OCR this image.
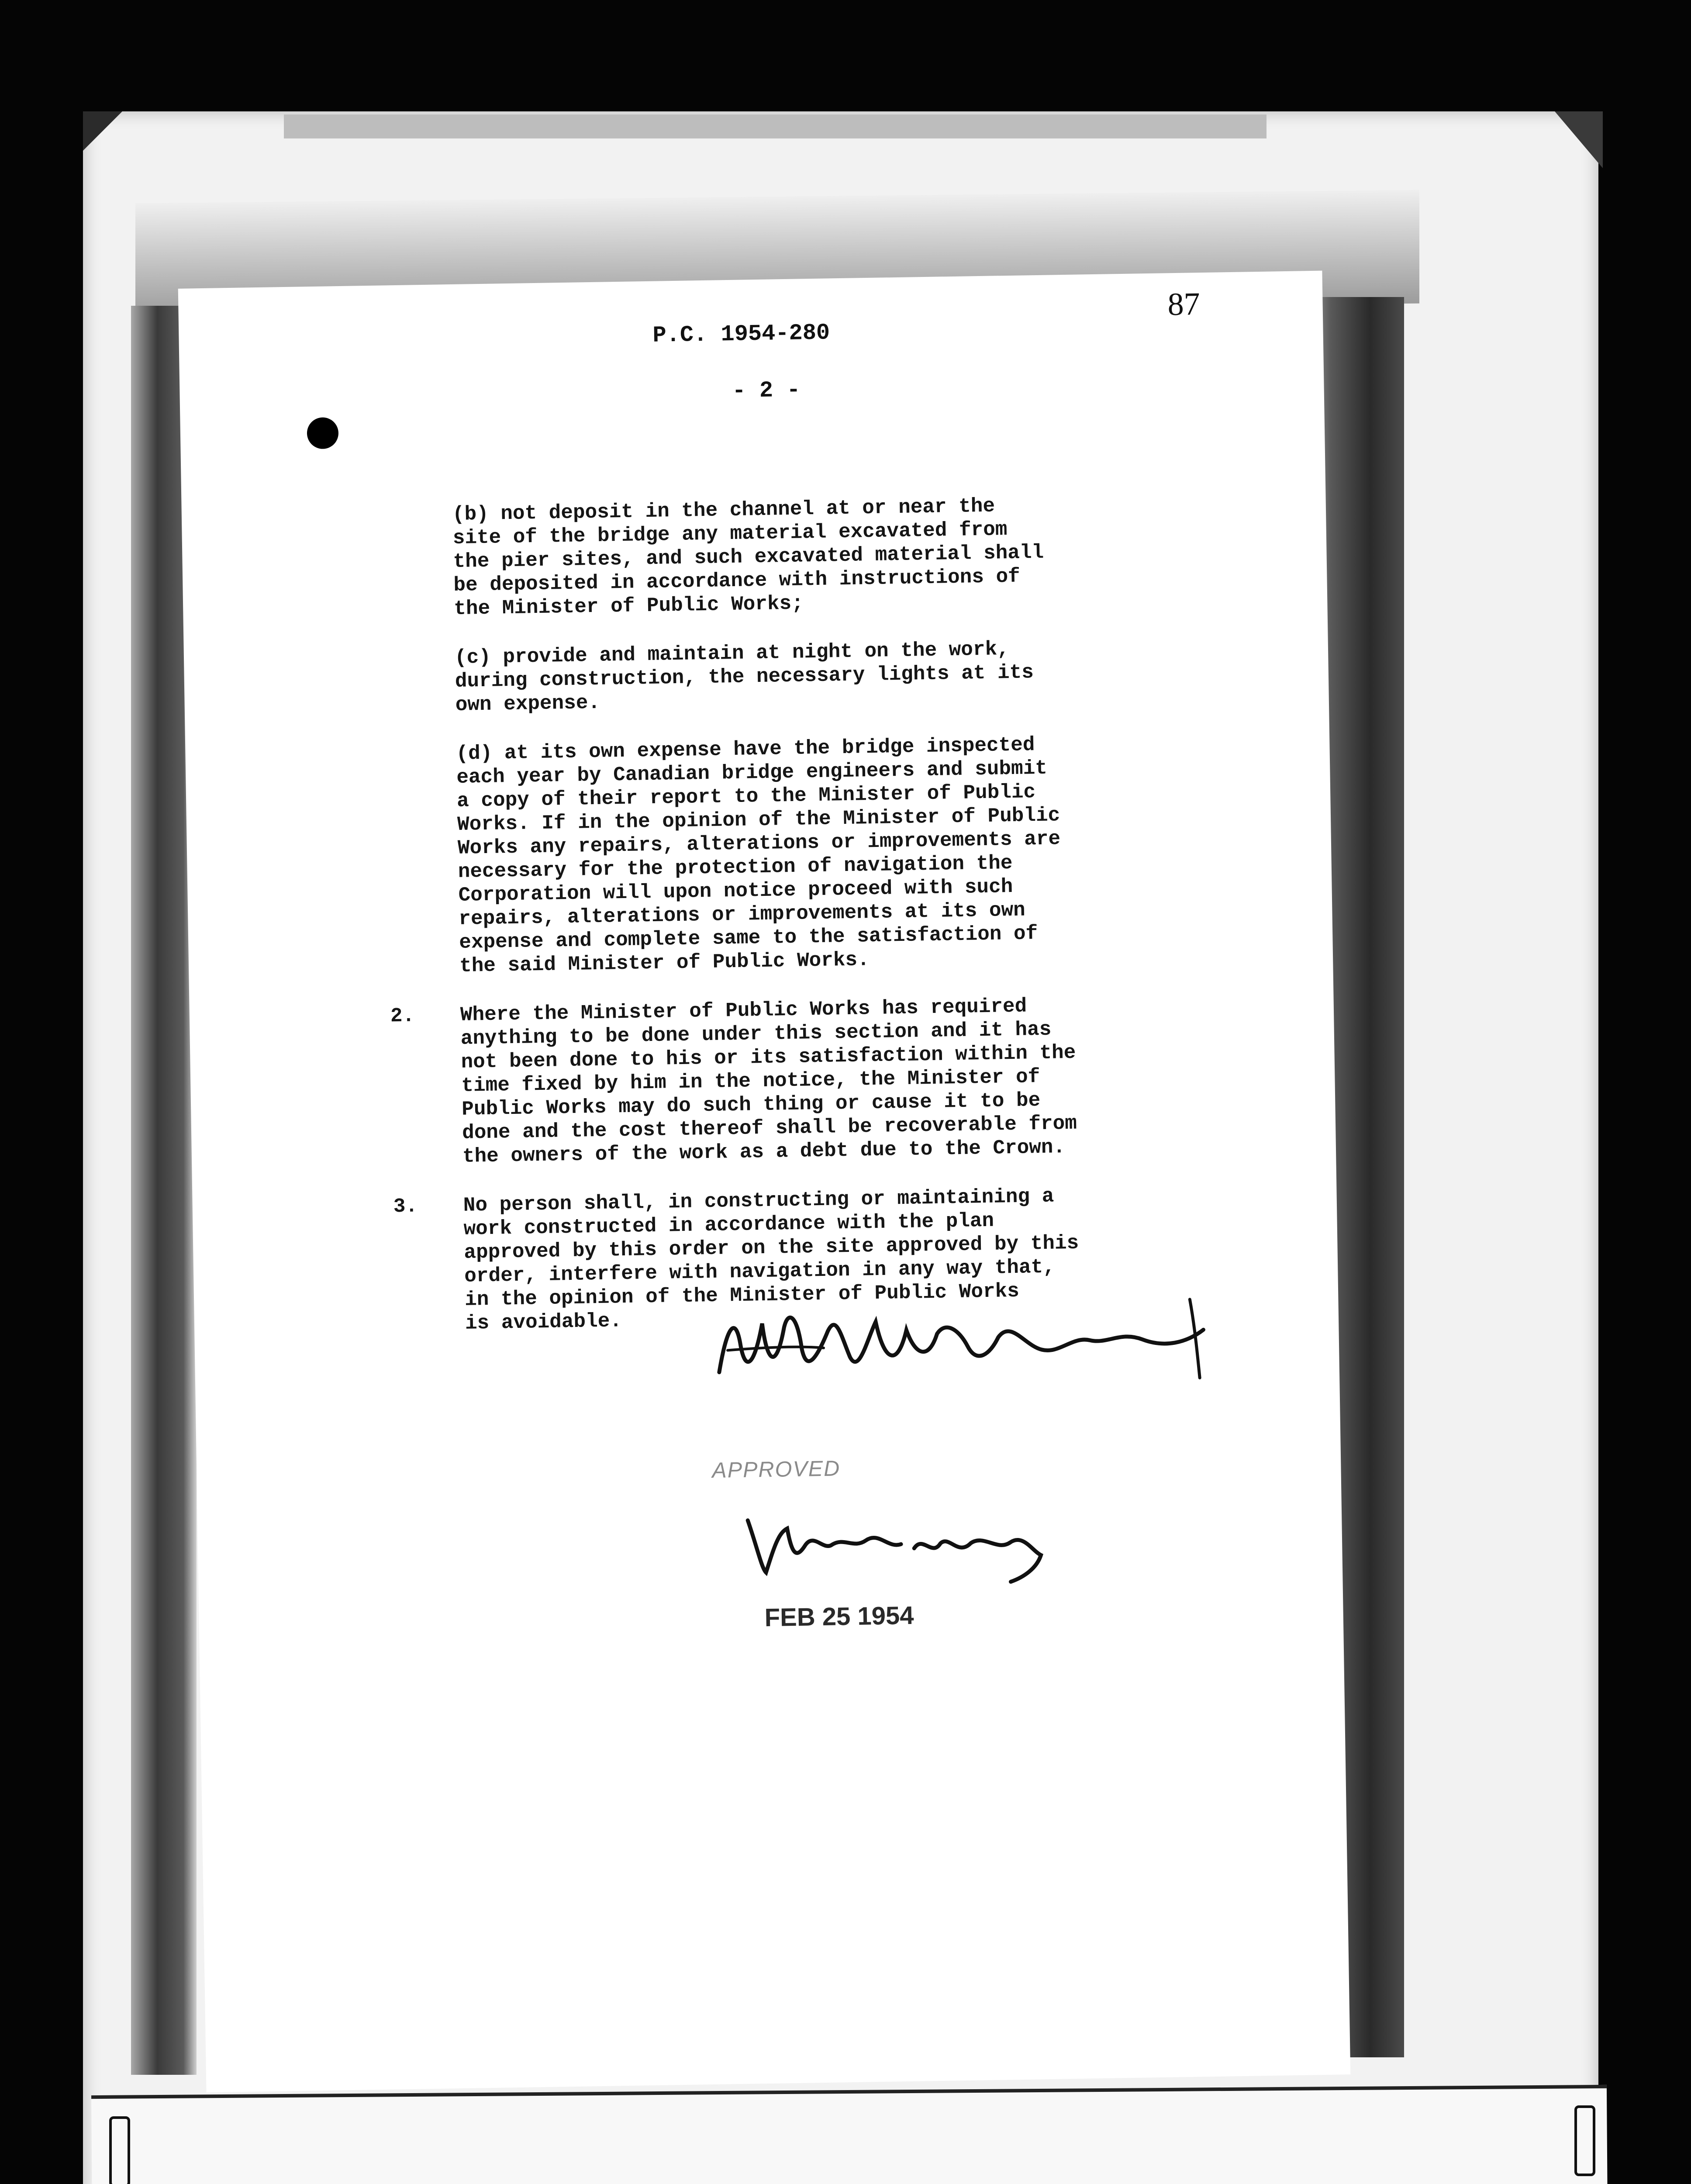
87
P.C. 1954-280
- 2 -
(b) not deposit in the channel at or near the
site of the bridge any material excavated from
the pier sites, and such excavated material shall
be deposited in accordance with instructions of
the Minister of Public Works;
(c) provide and maintain at night on the work,
during construction, the necessary lights at its
own expense.
(d) at its own expense have the bridge inspected
each year by Canadian bridge engineers and submit
a copy of their report to the Minister of Public
Works. If in the opinion of the Minister of Public
Works any repairs, alterations or improvements are
necessary for the protection of navigation the
Corporation will upon notice proceed with such
repairs, alterations or improvements at its own
expense and complete same to the satisfaction of
the said Minister of Public Works.
2. Where the Minister of Public Works has required
anything to be done under this section and it has
not been done to his or its satisfaction within the
time fixed by him in the notice, the Minister of
Public Works may do such thing or cause it to be
done and the cost thereof shall be recoverable from
the owners of the work as a debt due to the Crown.
3. No person shall, in constructing or maintaining a
work constructed in accordance with the plan
approved by this order on the site approved by this
order, interfere with navigation in any way that,
in the opinion of the Minister of Public Works
is avoidable.
APPROVED
FEB 25 1954
